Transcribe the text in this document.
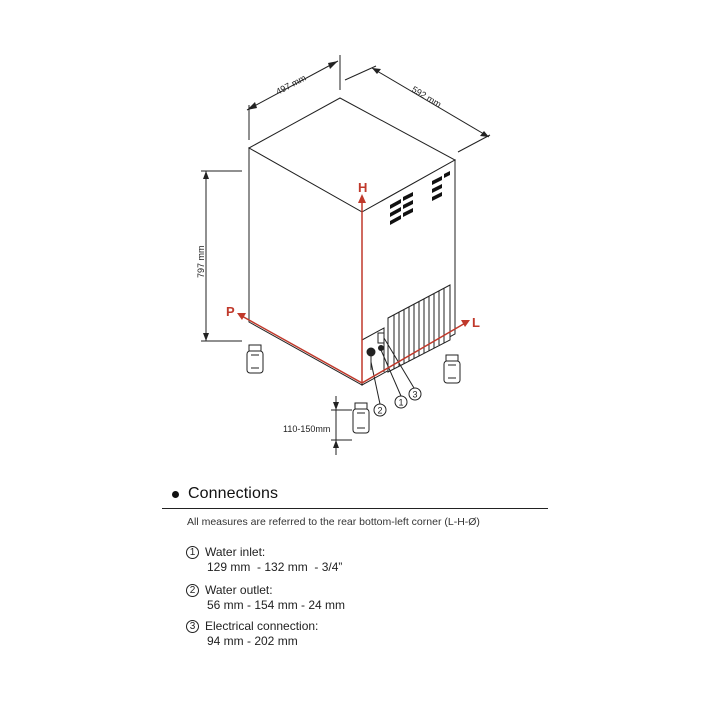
H
P
L
497 mm	592 mm
797 mm
110-150mm
1
2
3
Connections
All measures are referred to the rear bottom-left corner (L-H-Ø)
1 Water inlet:
129 mm  - 132 mm  - 3/4”
2 Water outlet:
56 mm - 154 mm - 24 mm
3 Electrical connection:
94 mm - 202 mm
